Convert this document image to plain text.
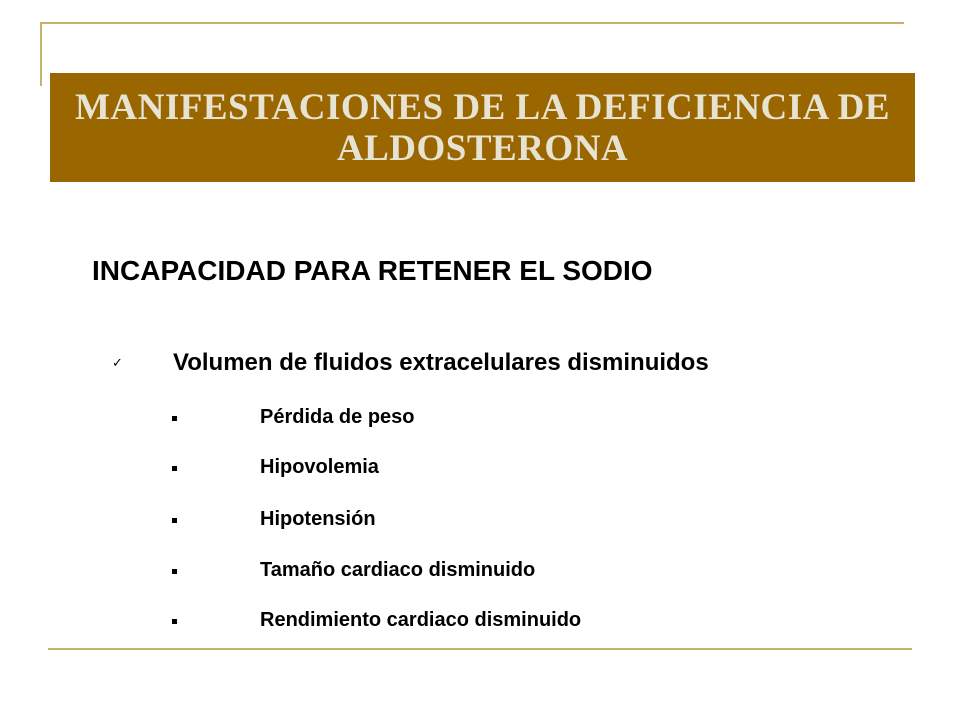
MANIFESTACIONES DE LA DEFICIENCIA DE ALDOSTERONA
INCAPACIDAD PARA RETENER EL SODIO
✓ Volumen de fluidos extracelulares disminuidos
Pérdida de peso
Hipovolemia
Hipotensión
Tamaño cardiaco disminuido
Rendimiento cardiaco disminuido
